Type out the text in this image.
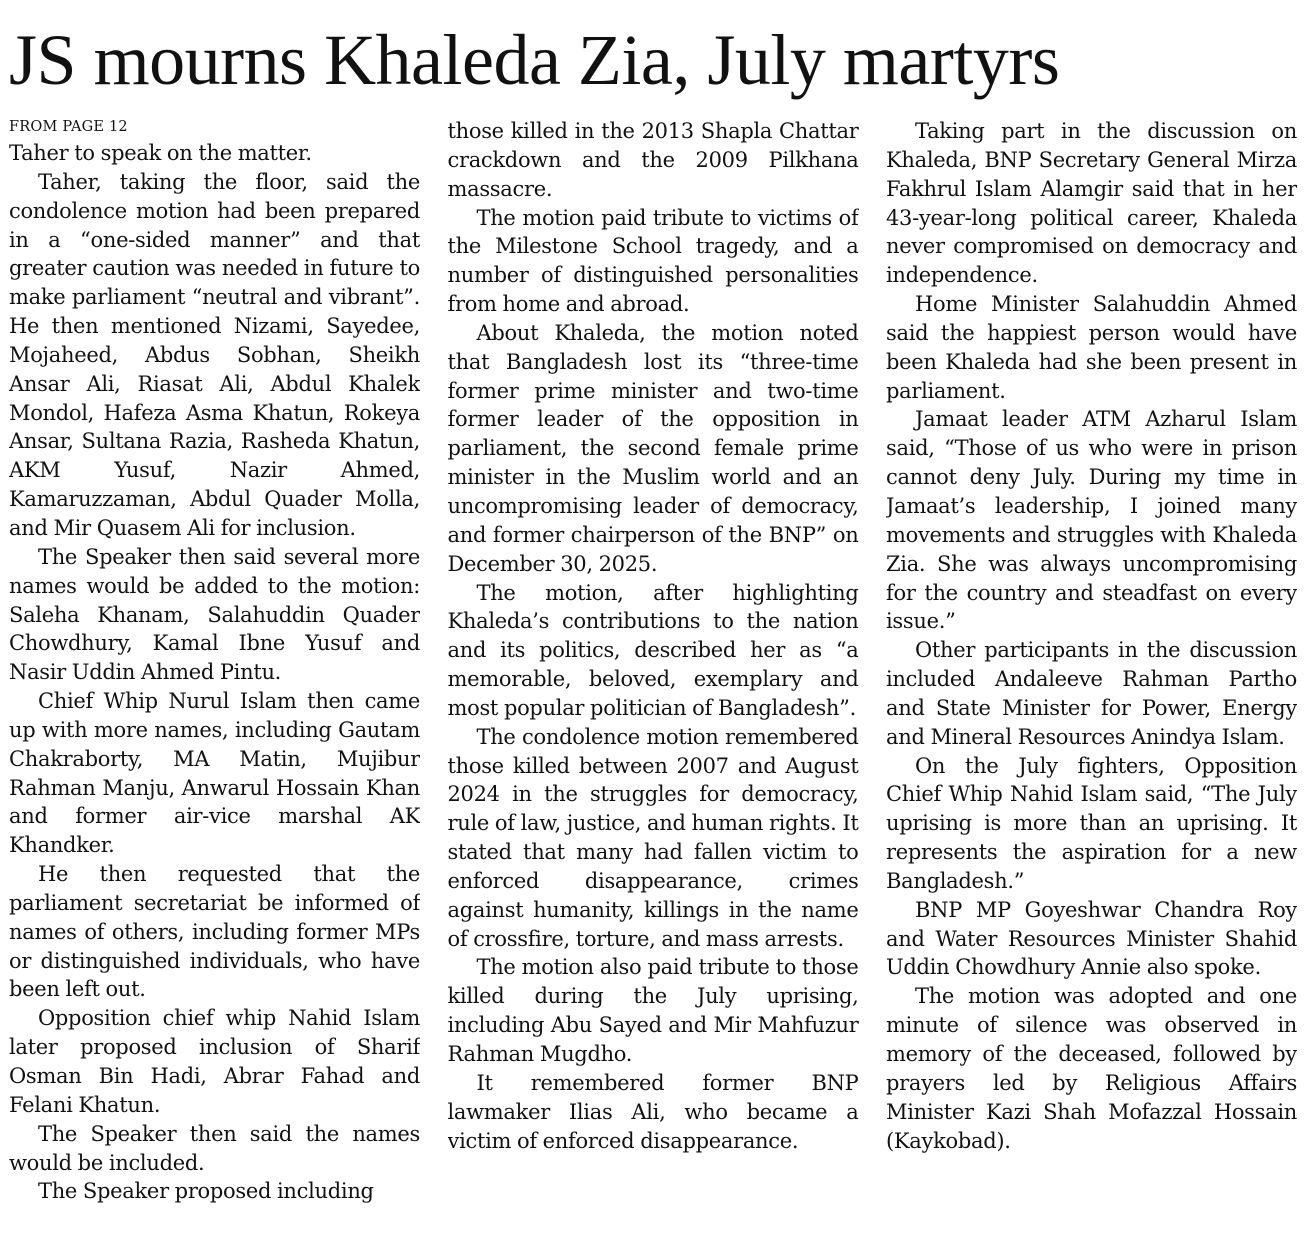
JS mourns Khaleda Zia, July martyrs
FROM PAGE 12

Taher to speak on the matter.

Taher, taking the floor, said the condolence motion had been prepared in a “one-sided manner” and that greater caution was needed in future to make parliament “neutral and vibrant”. He then mentioned Nizami, Sayedee, Mojaheed, Abdus Sobhan, Sheikh Ansar Ali, Riasat Ali, Abdul Khalek Mondol, Hafeza Asma Khatun, Rokeya Ansar, Sultana Razia, Rasheda Khatun, AKM Yusuf, Nazir Ahmed, Kamaruzzaman, Abdul Quader Molla, and Mir Quasem Ali for inclusion.

The Speaker then said several more names would be added to the motion: Saleha Khanam, Salahuddin Quader Chowdhury, Kamal Ibne Yusuf and Nasir Uddin Ahmed Pintu.

Chief Whip Nurul Islam then came up with more names, including Gautam Chakraborty, MA Matin, Mujibur Rahman Manju, Anwarul Hossain Khan and former air-vice marshal AK Khandker.

He then requested that the parliament secretariat be informed of names of others, including former MPs or distinguished individuals, who have been left out.

Opposition chief whip Nahid Islam later proposed inclusion of Sharif Osman Bin Hadi, Abrar Fahad and Felani Khatun.

The Speaker then said the names would be included.

The Speaker proposed including

those killed in the 2013 Shapla Chattar crackdown and the 2009 Pilkhana massacre.

The motion paid tribute to victims of the Milestone School tragedy, and a number of distinguished personalities from home and abroad.

About Khaleda, the motion noted that Bangladesh lost its “three-time former prime minister and two-time former leader of the opposition in parliament, the second female prime minister in the Muslim world and an uncompromising leader of democracy, and former chairperson of the BNP” on December 30, 2025.

The motion, after highlighting Khaleda’s contributions to the nation and its politics, described her as “a memorable, beloved, exemplary and most popular politician of Bangladesh”.

The condolence motion remembered those killed between 2007 and August 2024 in the struggles for democracy, rule of law, justice, and human rights. It stated that many had fallen victim to enforced disappearance, crimes against humanity, killings in the name of crossfire, torture, and mass arrests.

The motion also paid tribute to those killed during the July uprising, including Abu Sayed and Mir Mahfuzur Rahman Mugdho.

It remembered former BNP lawmaker Ilias Ali, who became a victim of enforced disappearance.

Taking part in the discussion on Khaleda, BNP Secretary General Mirza Fakhrul Islam Alamgir said that in her 43-year-long political career, Khaleda never compromised on democracy and independence.

Home Minister Salahuddin Ahmed said the happiest person would have been Khaleda had she been present in parliament.

Jamaat leader ATM Azharul Islam said, “Those of us who were in prison cannot deny July. During my time in Jamaat’s leadership, I joined many movements and struggles with Khaleda Zia. She was always uncompromising for the country and steadfast on every issue.”

Other participants in the discussion included Andaleeve Rahman Partho and State Minister for Power, Energy and Mineral Resources Anindya Islam.

On the July fighters, Opposition Chief Whip Nahid Islam said, “The July uprising is more than an uprising. It represents the aspiration for a new Bangladesh.”

BNP MP Goyeshwar Chandra Roy and Water Resources Minister Shahid Uddin Chowdhury Annie also spoke.

The motion was adopted and one minute of silence was observed in memory of the deceased, followed by prayers led by Religious Affairs Minister Kazi Shah Mofazzal Hossain (Kaykobad).
